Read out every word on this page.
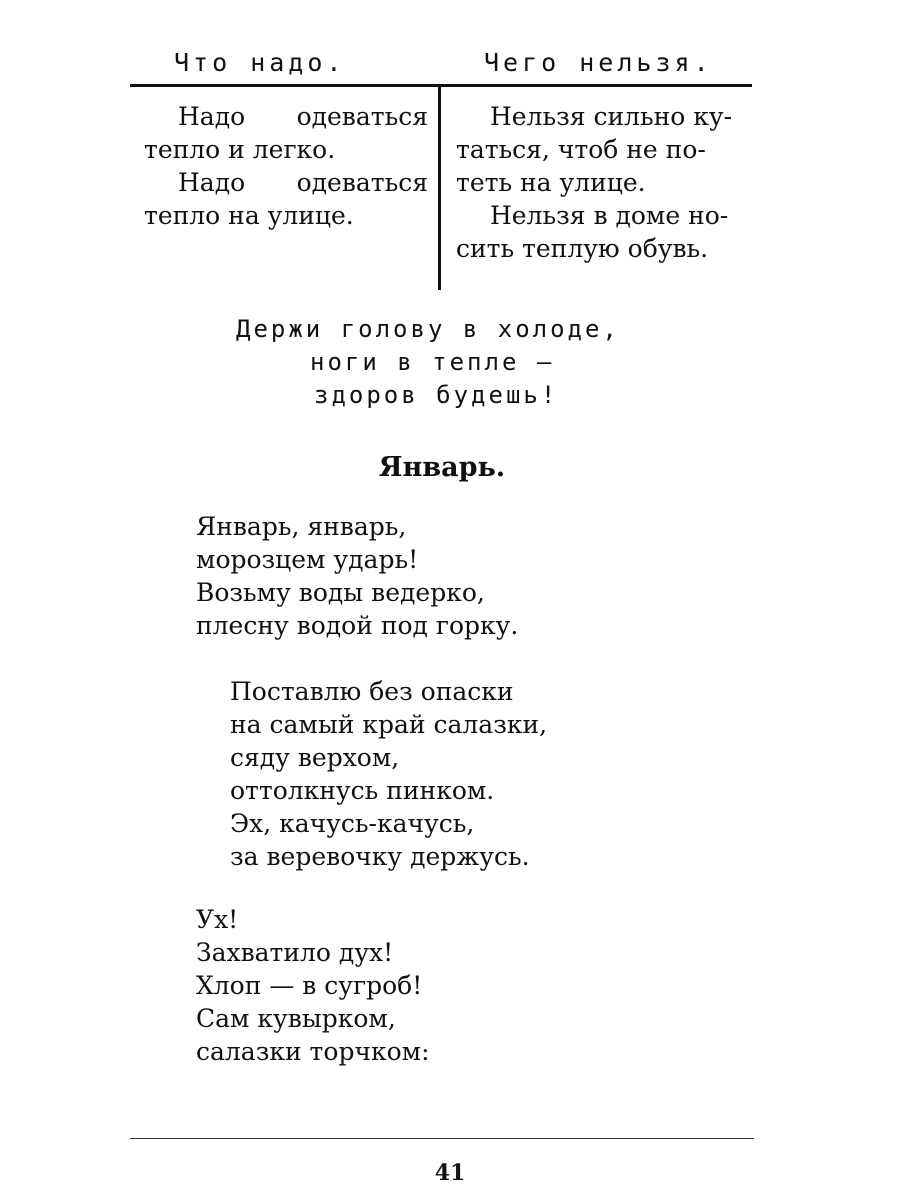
Что надо.	Чего нельзя.
Надо одеваться
тепло и легко.
Надо одеваться
тепло на улице.
Нельзя сильно ку-
таться, чтоб не по-
теть на улице.
Нельзя в доме но-
сить теплую обувь.
Держи голову в холоде,
ноги в тепле —
здоров будешь!
Январь.
Январь, январь,
морозцем ударь!
Возьму воды ведерко,
плесну водой под горку.
Поставлю без опаски
на самый край салазки,
сяду верхом,
оттолкнусь пинком.
Эх, качусь-качусь,
за веревочку держусь.
Ух!
Захватило дух!
Хлоп — в сугроб!
Сам кувырком,
салазки торчком:
41
